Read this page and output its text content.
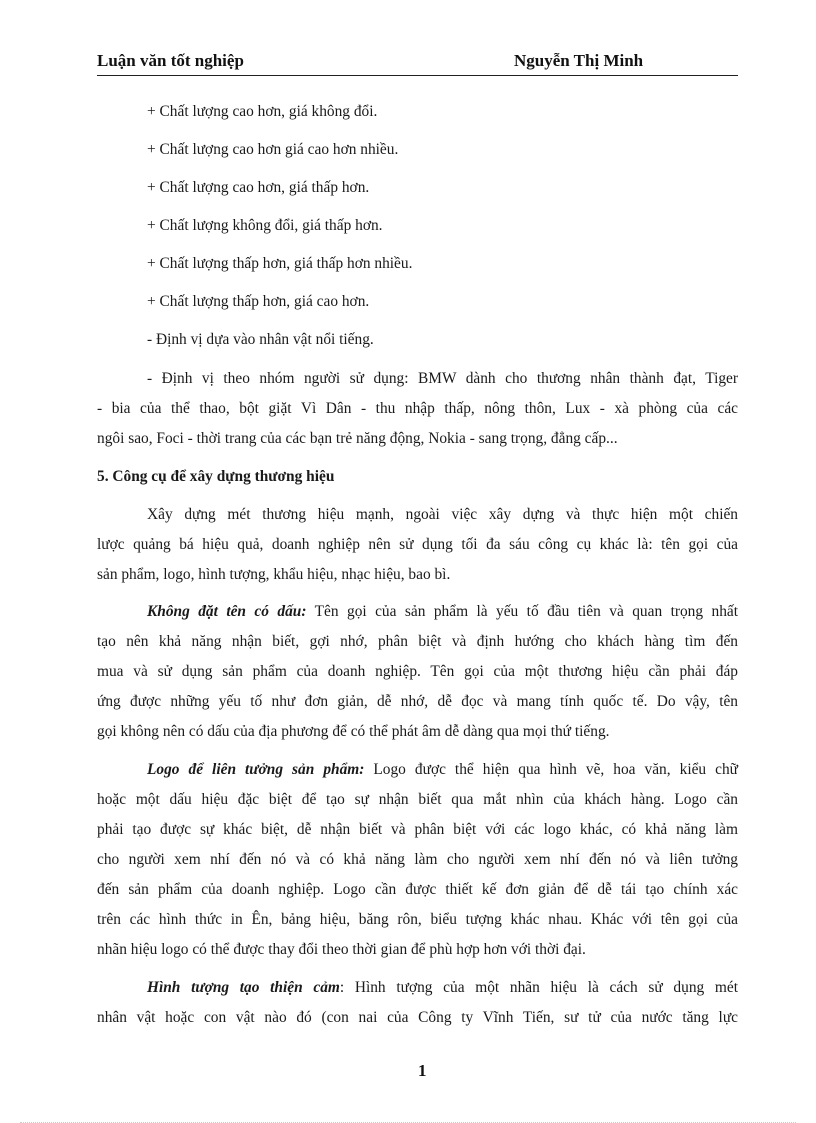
Luận văn tốt nghiệp	Nguyễn Thị Minh
+ Chất lượng cao hơn, giá không đổi.
+ Chất lượng cao hơn giá cao hơn nhiều.
+ Chất lượng cao hơn, giá thấp hơn.
+ Chất lượng không đổi, giá thấp hơn.
+ Chất lượng thấp hơn, giá thấp hơn nhiều.
+ Chất lượng thấp hơn, giá cao hơn.
- Định vị dựa vào nhân vật nổi tiếng.
- Định vị theo nhóm người sử dụng: BMW dành cho thương nhân thành đạt, Tiger
- bia của thể thao, bột giặt Vì Dân - thu nhập thấp, nông thôn, Lux - xà phòng của các
ngôi sao, Foci - thời trang của các bạn trẻ năng động, Nokia - sang trọng, đẳng cấp...
5. Công cụ để xây dựng thương hiệu
Xây dựng mét thương hiệu mạnh, ngoài việc xây dựng và thực hiện một chiến
lược quảng bá hiệu quả, doanh nghiệp nên sử dụng tối đa sáu công cụ khác là: tên gọi của
sản phẩm, logo, hình tượng, khẩu hiệu, nhạc hiệu, bao bì.
Không đặt tên có dấu: Tên gọi của sản phẩm là yếu tố đầu tiên và quan trọng nhất
tạo nên khả năng nhận biết, gợi nhớ, phân biệt và định hướng cho khách hàng tìm đến
mua và sử dụng sản phẩm của doanh nghiệp. Tên gọi của một thương hiệu cần phải đáp
ứng được những yếu tố như đơn giản, dễ nhớ, dễ đọc và mang tính quốc tế. Do vậy, tên
gọi không nên có dấu của địa phương để có thể phát âm dễ dàng qua mọi thứ tiếng.
Logo để liên tưởng sản phẩm: Logo được thể hiện qua hình vẽ, hoa văn, kiểu chữ
hoặc một dấu hiệu đặc biệt để tạo sự nhận biết qua mắt nhìn của khách hàng. Logo cần
phải tạo được sự khác biệt, dễ nhận biết và phân biệt với các logo khác, có khả năng làm
cho người xem nhí đến nó và có khả năng làm cho người xem nhí đến nó và liên tưởng
đến sản phẩm của doanh nghiệp. Logo cần được thiết kế đơn giản để dễ tái tạo chính xác
trên các hình thức in Ên, bảng hiệu, băng rôn, biểu tượng khác nhau. Khác với tên gọi của
nhãn hiệu logo có thể được thay đổi theo thời gian để phù hợp hơn với thời đại.
Hình tượng tạo thiện cảm: Hình tượng của một nhãn hiệu là cách sử dụng mét
nhân vật hoặc con vật nào đó (con nai của Công ty Vĩnh Tiến, sư tử của nước tăng lực
1
